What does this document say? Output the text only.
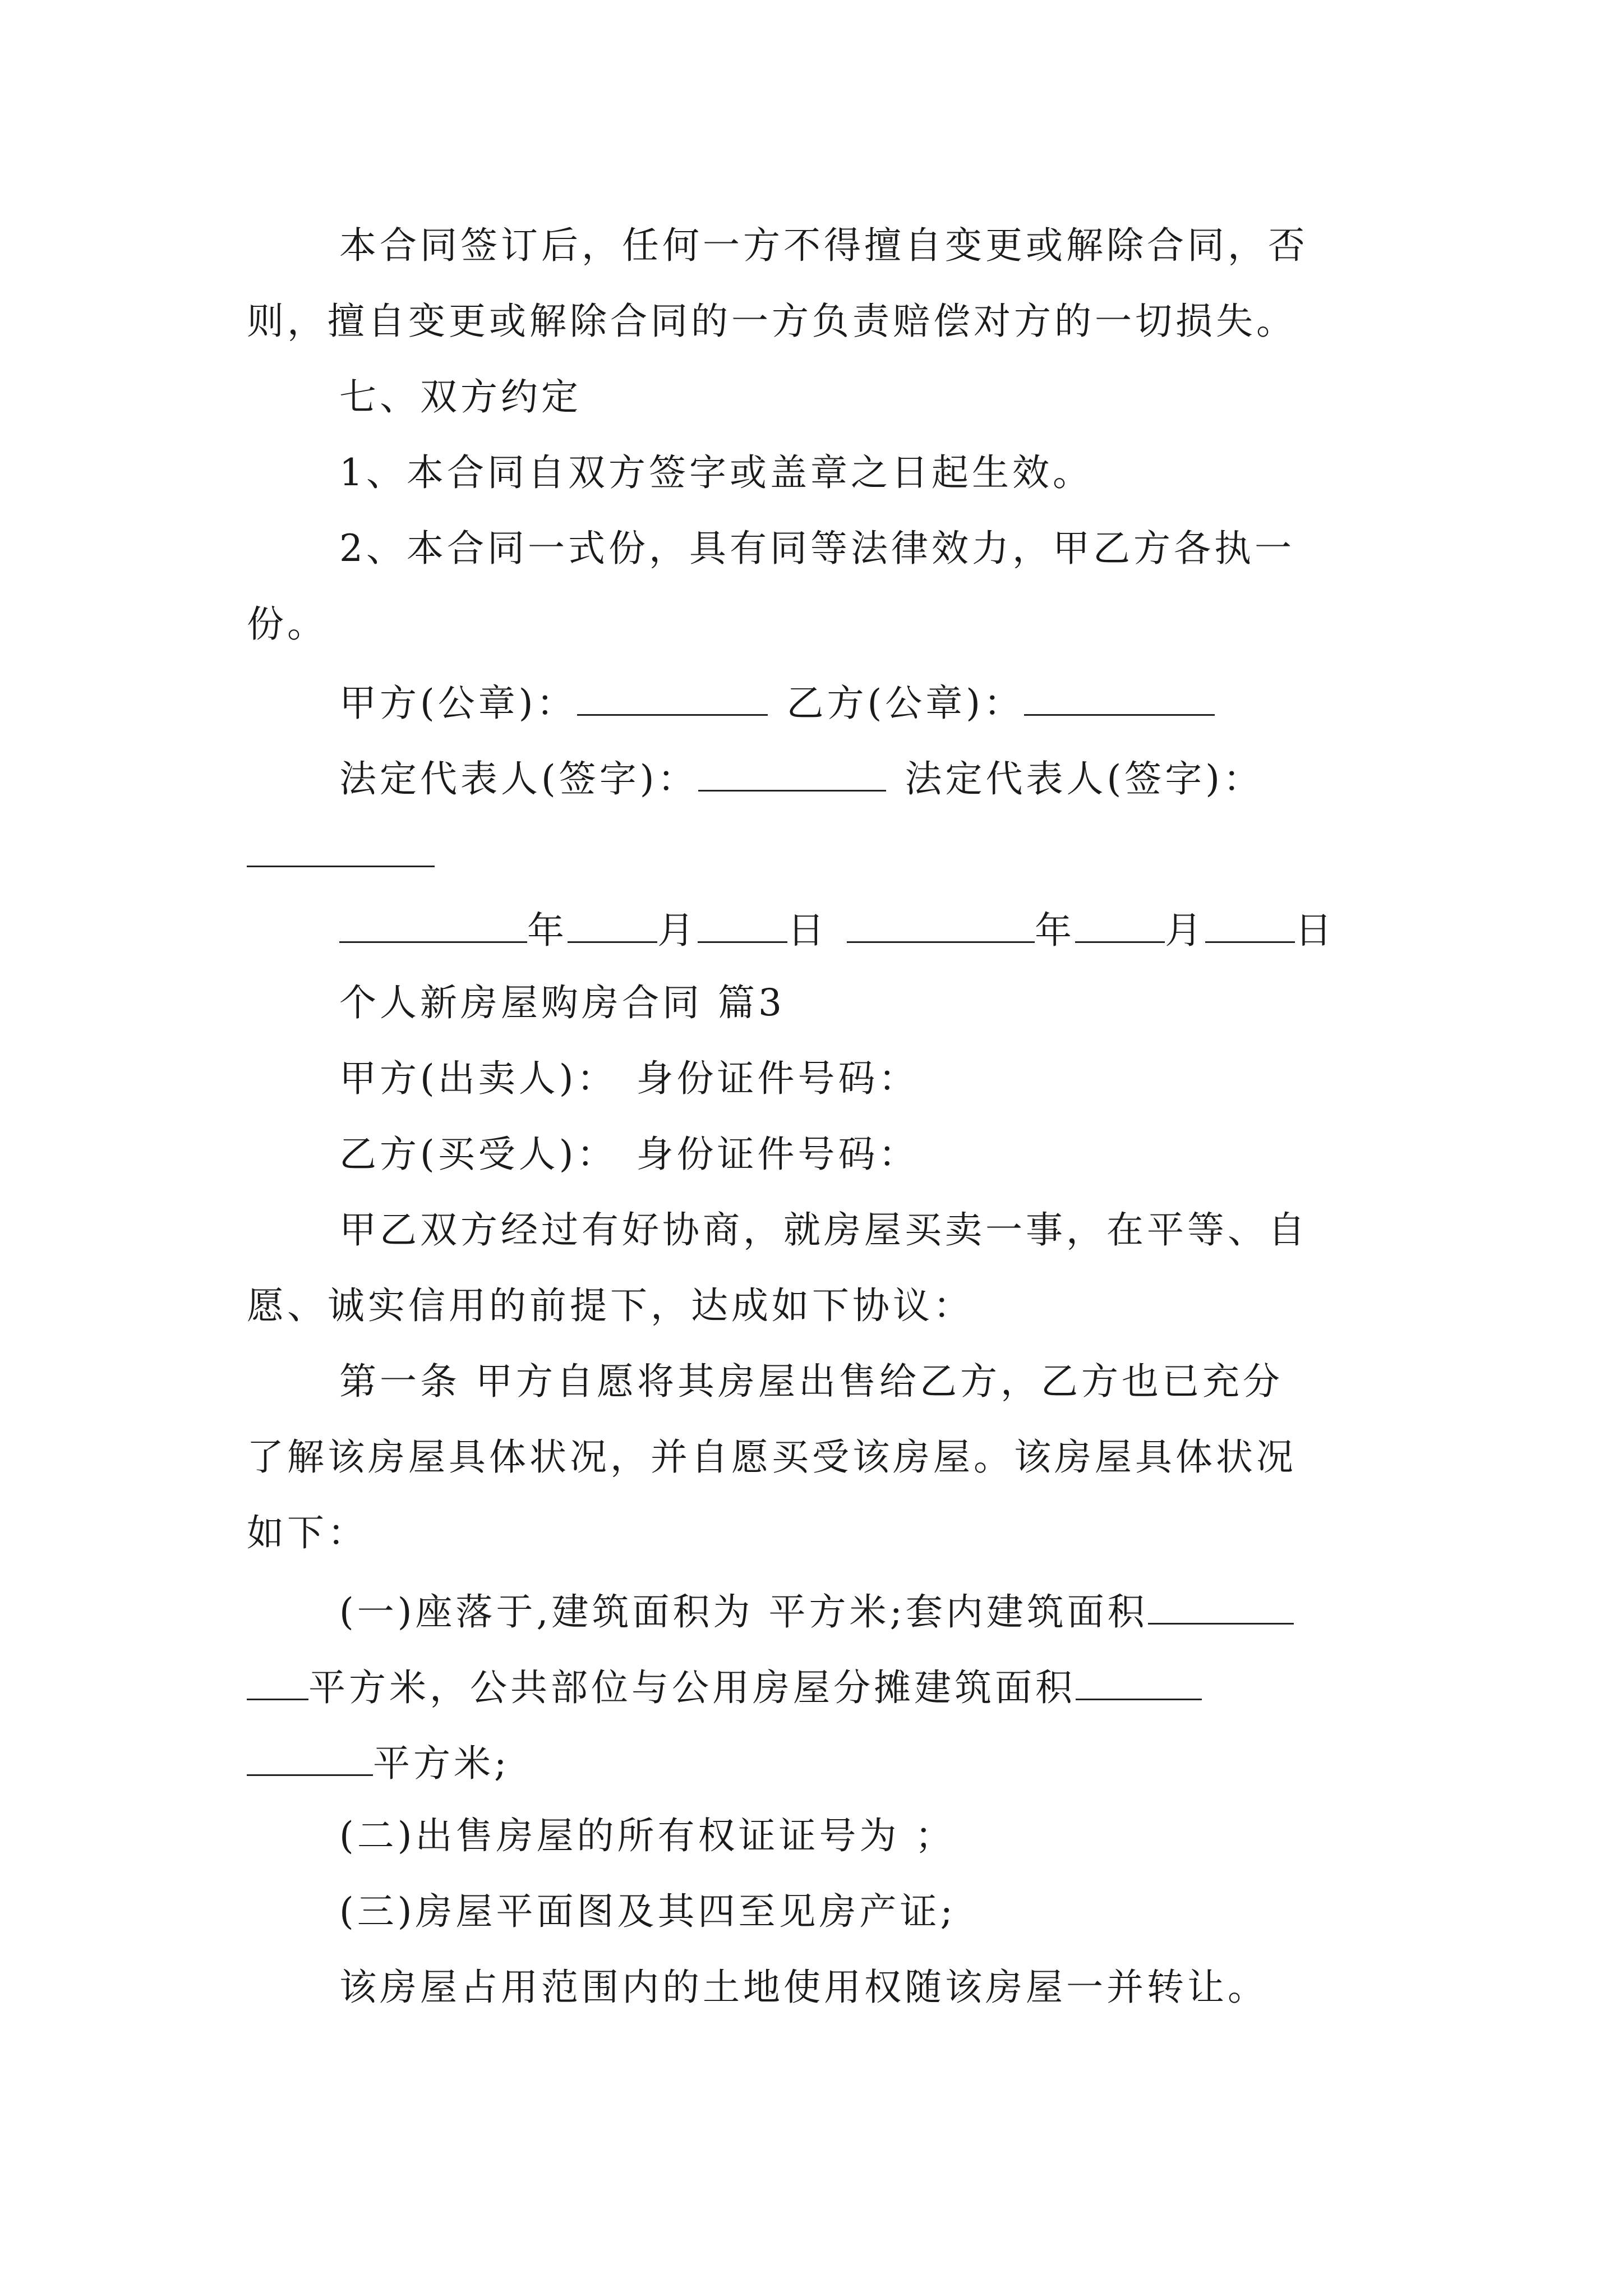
本合同签订后，任何一方不得擅自变更或解除合同，否
则，擅自变更或解除合同的一方负责赔偿对方的一切损失。
七、双方约定
1、本合同自双方签字或盖章之日起生效。
2、本合同一式份，具有同等法律效力，甲乙方各执一
份。
甲方(公章)：	乙方(公章)：
法定代表人(签字)：	法定代表人(签字)：
年 月 日	年 月 日
个人新房屋购房合同 篇3
甲方(出卖人)： 身份证件号码：
乙方(买受人)： 身份证件号码：
甲乙双方经过有好协商，就房屋买卖一事，在平等、自
愿、诚实信用的前提下，达成如下协议：
第一条 甲方自愿将其房屋出售给乙方，乙方也已充分
了解该房屋具体状况，并自愿买受该房屋。该房屋具体状况
如下：
(一)座落于,建筑面积为 平方米;套内建筑面积
平方米，公共部位与公用房屋分摊建筑面积
平方米;
(二)出售房屋的所有权证证号为 ；
(三)房屋平面图及其四至见房产证;
该房屋占用范围内的土地使用权随该房屋一并转让。
